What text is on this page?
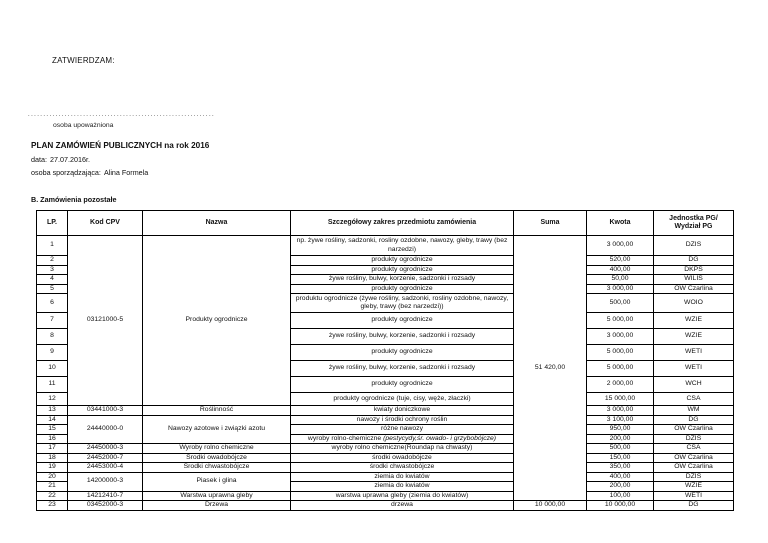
ZATWIERDZAM:
.............................................................
osoba upoważniona
PLAN ZAMÓWIEŃ PUBLICZNYCH na rok 2016
data: 27.07.2016r.
osoba sporządzająca: Alina Formela
B. Zamówienia pozostałe
LP.	Kod CPV	Nazwa	Szczegółowy zakres przedmiotu zamówienia	Suma	Kwota	Jednostka PG/
Wydział PG

1	03121000-5	Produkty ogrodnicze	np. żywe rośliny, sadzonki, rosliny ozdobne, nawozy, gleby, trawy (bez narzedzi)	51 420,00	3 000,00	DZIS
2			produkty ogrodnicze		520,00	DG
3			produkty ogrodnicze		400,00	DKPS
4			żywe rośliny, bulwy, korzenie, sadzonki i rozsady		50,00	WILIŚ
5			produkty ogrodnicze		3 000,00	OW Czarlina
6			produktu ogrodnicze (żywe rośliny, sadzonki, rosliny ozdobne, nawozy, gleby, trawy (bez narzedzi))		500,00	WOIO
7			produkty ogrodnicze		5 000,00	WZIE
8			żywe rośliny, bulwy, korzenie, sadzonki i rozsady		3 000,00	WZIE
9			produkty ogrodnicze		5 000,00	WETI
10			żywe rośliny, bulwy, korzenie, sadzonki i rozsady		5 000,00	WETI
11			produkty ogrodnicze		2 000,00	WCH
12			produkty ogrodnicze (tuje, cisy, węże, złaczki)		15 000,00	CSA
13	03441000-3	Roślinność	kwiaty doniczkowe		3 000,00	WM
14	24440000-0	Nawozy azotowe i związki azotu	nawozy i środki ochrony roślin		3 100,00	DG
15			różne nawozy		950,00	OW Czarlina
16			wyroby rolno-chemiczne (pestycydy,śr. owado- i grzybobójcze)		200,00	DZIS
17	24450000-3	Wyroby rolno chemiczne	wyroby rolno chemiczne(Roundap na chwasty)		500,00	CSA
18	24452000-7	Środki owadobójcze	środki owadobójcze		150,00	OW Czarlina
19	24453000-4	Środki chwastobójcze	środki chwastobójcze		350,00	OW Czarlina
20	14200000-3	Piasek i glina	ziemia do kwiatów		400,00	DZIS
21			ziemia do kwiatów		200,00	WZIE
22	14212410-7	Warstwa uprawna gleby	warstwa uprawna gleby (ziemia do kwiatów)		100,00	WETI
23	03452000-3	Drzewa	drzewa	10 000,00	10 000,00	DG
